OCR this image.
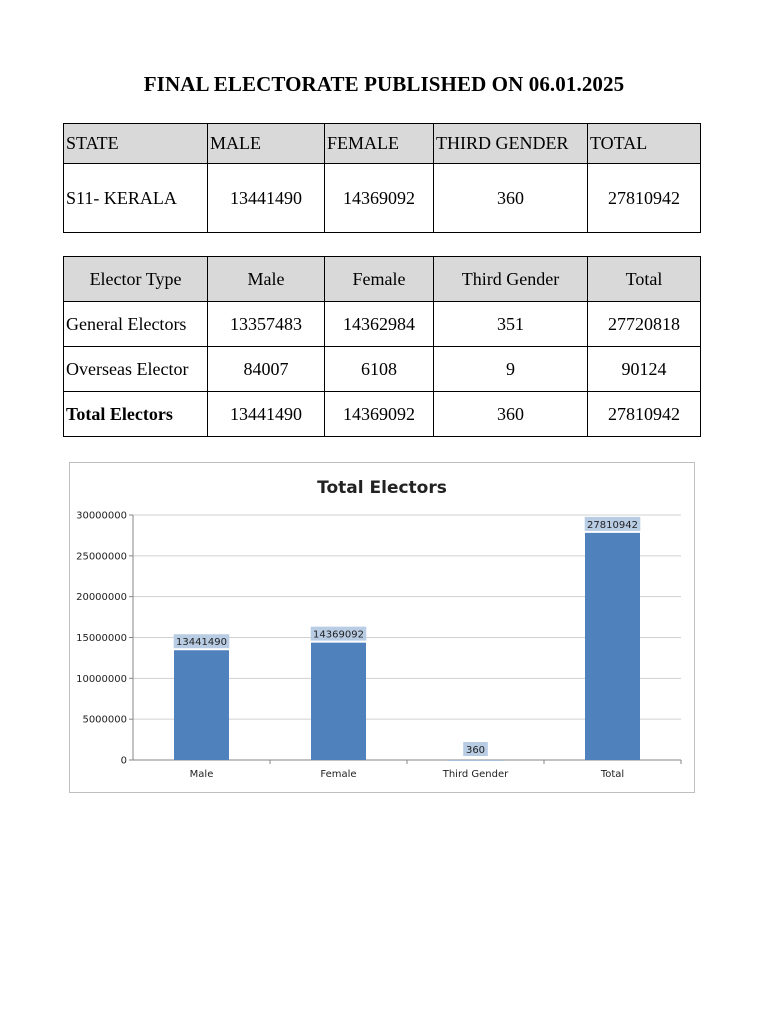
FINAL ELECTORATE PUBLISHED ON 06.01.2025
STATE	MALE	FEMALE	THIRD GENDER	TOTAL
S11- KERALA	13441490	14369092	360	27810942
Elector Type	Male	Female	Third Gender	Total
General Electors	13357483	14362984	351	27720818
Overseas Elector	84007	6108	9	90124
Total Electors	13441490	14369092	360	27810942
Total Electors
0
5000000
10000000
15000000
20000000
25000000
30000000
Male
13441490
Female
14369092
Third Gender
360
Total
27810942
